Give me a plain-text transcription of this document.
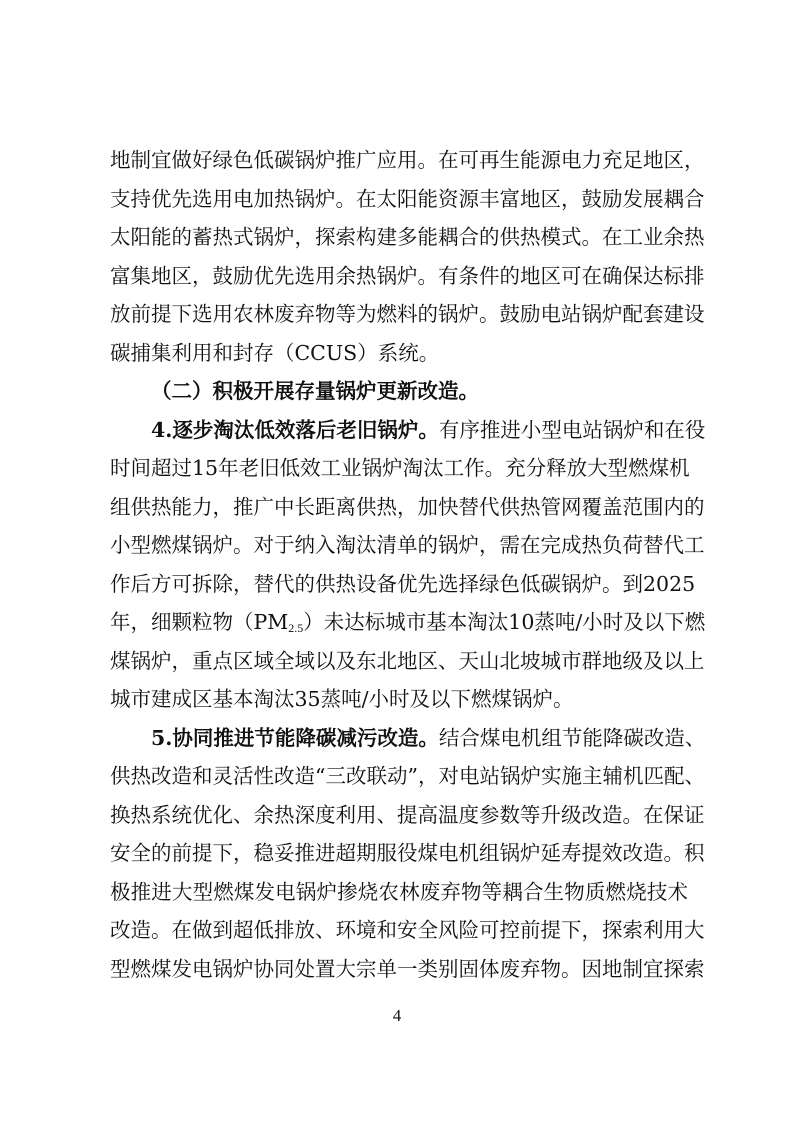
地制宜做好绿色低碳锅炉推广应用。在可再生能源电力充足地区，
支持优先选用电加热锅炉。在太阳能资源丰富地区，鼓励发展耦合
太阳能的蓄热式锅炉，探索构建多能耦合的供热模式。在工业余热
富集地区，鼓励优先选用余热锅炉。有条件的地区可在确保达标排
放前提下选用农林废弃物等为燃料的锅炉。鼓励电站锅炉配套建设
碳捕集利用和封存（CCUS）系统。
（二）积极开展存量锅炉更新改造。
4.逐步淘汰低效落后老旧锅炉。有序推进小型电站锅炉和在役
时间超过15年老旧低效工业锅炉淘汰工作。充分释放大型燃煤机
组供热能力，推广中长距离供热，加快替代供热管网覆盖范围内的
小型燃煤锅炉。对于纳入淘汰清单的锅炉，需在完成热负荷替代工
作后方可拆除，替代的供热设备优先选择绿色低碳锅炉。到2025
年，细颗粒物$(PM_{2.5})$未达标城市基本淘汰10蒸吨/小时及以下燃
煤锅炉，重点区域全域以及东北地区、天山北坡城市群地级及以上
城市建成区基本淘汰35蒸吨/小时及以下燃煤锅炉。
5.协同推进节能降碳减污改造。结合煤电机组节能降碳改造、
供热改造和灵活性改造“三改联动”，对电站锅炉实施主辅机匹配、
换热系统优化、余热深度利用、提高温度参数等升级改造。在保证
安全的前提下，稳妥推进超期服役煤电机组锅炉延寿提效改造。积
极推进大型燃煤发电锅炉掺烧农林废弃物等耦合生物质燃烧技术
改造。在做到超低排放、环境和安全风险可控前提下，探索利用大
型燃煤发电锅炉协同处置大宗单一类别固体废弃物。因地制宜探索
4
